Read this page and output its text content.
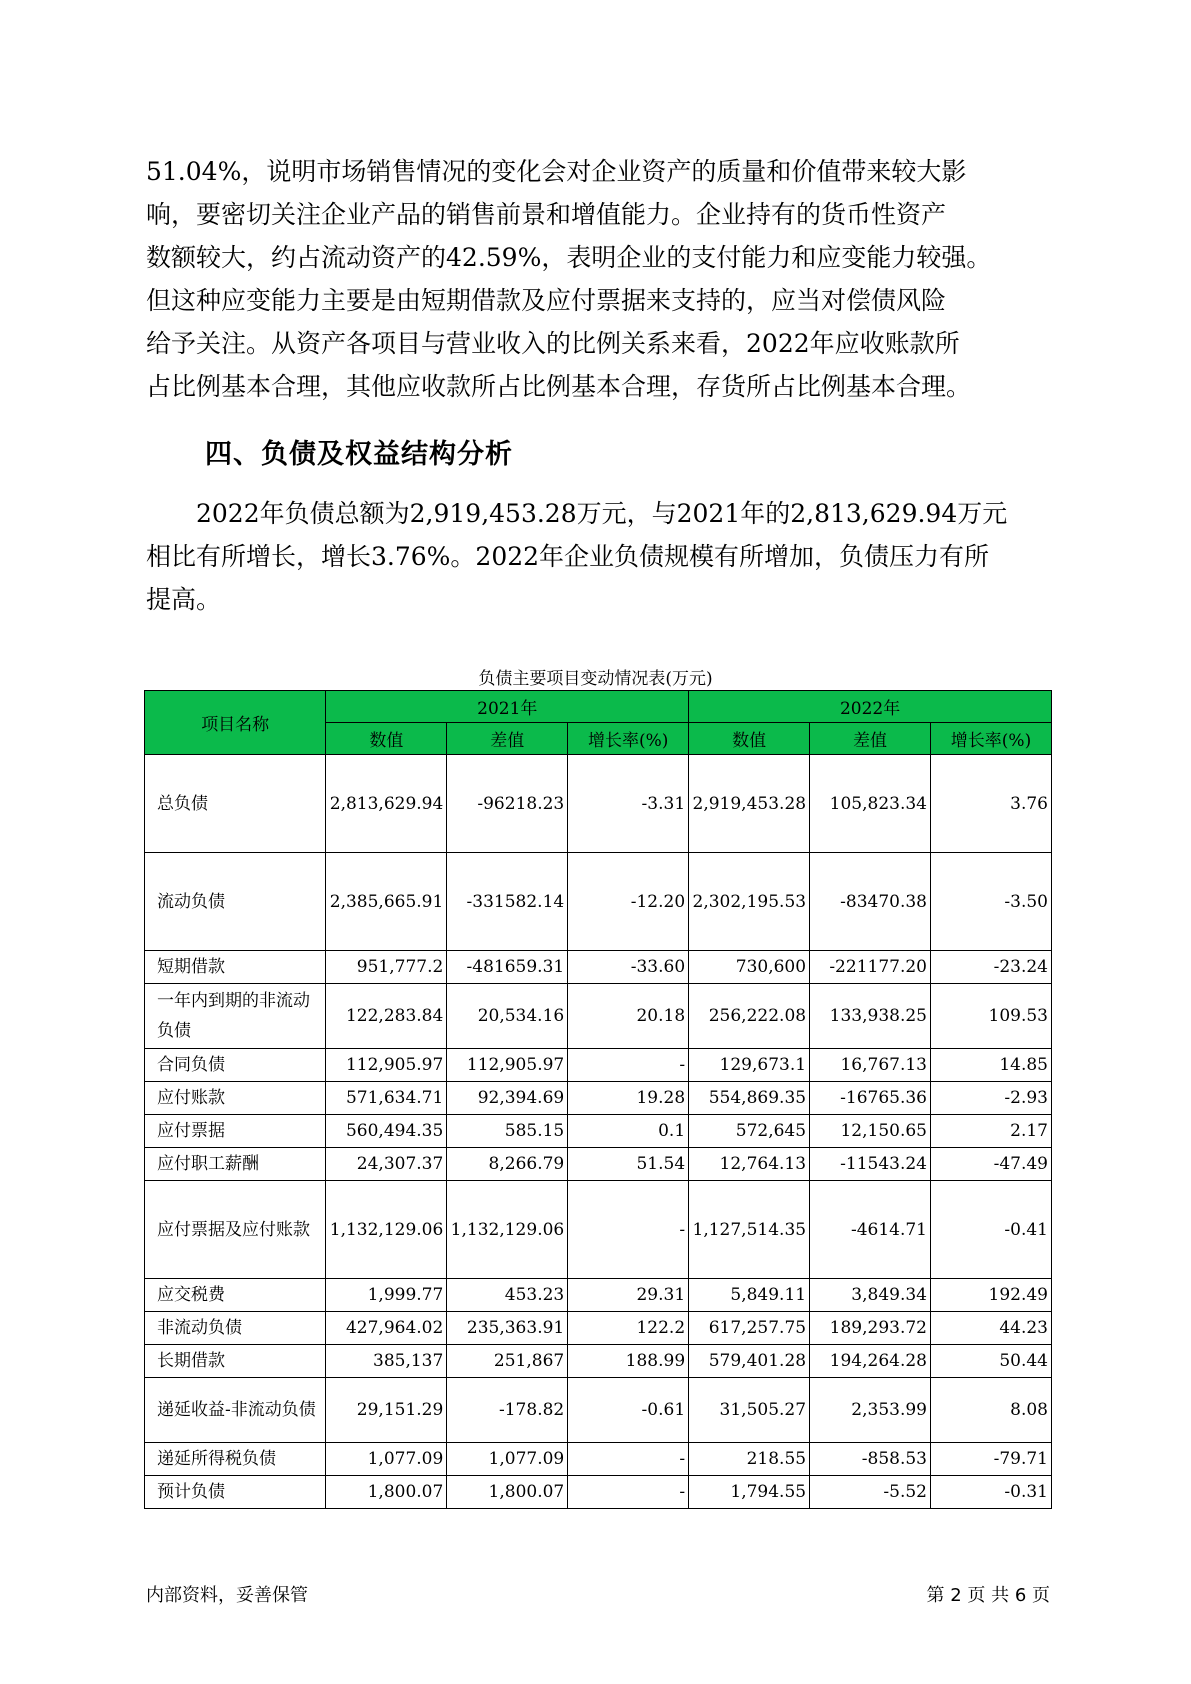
51.04%，说明市场销售情况的变化会对企业资产的质量和价值带来较大影
响，要密切关注企业产品的销售前景和增值能力。企业持有的货币性资产
数额较大，约占流动资产的42.59%，表明企业的支付能力和应变能力较强。
但这种应变能力主要是由短期借款及应付票据来支持的，应当对偿债风险
给予关注。从资产各项目与营业收入的比例关系来看，2022年应收账款所
占比例基本合理，其他应收款所占比例基本合理，存货所占比例基本合理。
四、负债及权益结构分析
2022年负债总额为2,919,453.28万元，与2021年的2,813,629.94万元
相比有所增长，增长3.76%。2022年企业负债规模有所增加，负债压力有所
提高。
负债主要项目变动情况表(万元)
项目名称	2021年			2022年		
	数值	差值	增长率(%)	数值	差值	增长率(%)
总负债	2,813,629.94	-96218.23	-3.31	2,919,453.28	105,823.34	3.76
流动负债	2,385,665.91	-331582.14	-12.20	2,302,195.53	-83470.38	-3.50
短期借款	951,777.2	-481659.31	-33.60	730,600	-221177.20	-23.24
一年内到期的非流动负债	122,283.84	20,534.16	20.18	256,222.08	133,938.25	109.53
合同负债	112,905.97	112,905.97	-	129,673.1	16,767.13	14.85
应付账款	571,634.71	92,394.69	19.28	554,869.35	-16765.36	-2.93
应付票据	560,494.35	585.15	0.1	572,645	12,150.65	2.17
应付职工薪酬	24,307.37	8,266.79	51.54	12,764.13	-11543.24	-47.49
应付票据及应付账款	1,132,129.06	1,132,129.06	-	1,127,514.35	-4614.71	-0.41
应交税费	1,999.77	453.23	29.31	5,849.11	3,849.34	192.49
非流动负债	427,964.02	235,363.91	122.2	617,257.75	189,293.72	44.23
长期借款	385,137	251,867	188.99	579,401.28	194,264.28	50.44
递延收益-非流动负债	29,151.29	-178.82	-0.61	31,505.27	2,353.99	8.08
递延所得税负债	1,077.09	1,077.09	-	218.55	-858.53	-79.71
预计负债	1,800.07	1,800.07	-	1,794.55	-5.52	-0.31
内部资料，妥善保管	第 2 页 共 6 页
